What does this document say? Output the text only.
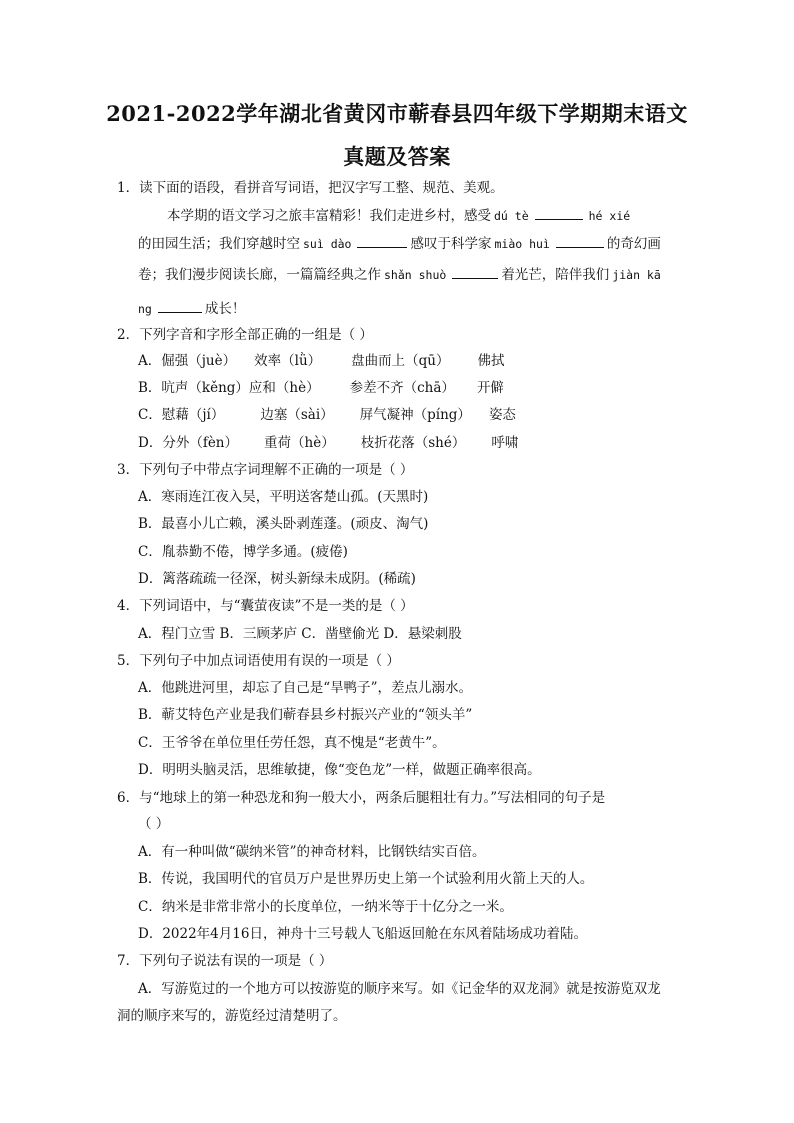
2021-2022学年湖北省黄冈市蕲春县四年级下学期期末语文
真题及答案
1．读下面的语段，看拼音写词语，把汉字写工整、规范、美观。
本学期的语文学习之旅丰富精彩！我们走进乡村，感受 dú tè	hé xié
的田园生活；我们穿越时空 suì dào	感叹于科学家 miào huì	的奇幻画
卷；我们漫步阅读长廊，一篇篇经典之作 shǎn shuò	着光芒，陪伴我们 jiàn kā
ng	成长！
2．下列字音和字形全部正确的一组是（ ）
A．倔强（juè） 效率（lǜ） 盘曲而上（qū） 佛拭
B．吭声（kěng）应和（hè） 参差不齐（chā） 开僻
C．慰藉（jí）	边塞（sài） 屏气凝神（píng） 姿态
D．分外（fèn） 重荷（hè） 枝折花落（shé） 呼啸
3．下列句子中带点字词理解不正确的一项是（ ）
A．寒雨连江夜入吴，平明送客楚山孤。(天黑时)
B．最喜小儿亡赖，溪头卧剥莲蓬。(顽皮、淘气)
C．胤恭勤不倦，博学多通。(疲倦)
D．篱落疏疏一径深，树头新绿未成阴。(稀疏)
4．下列词语中，与“囊萤夜读”不是一类的是（ ）
A．程门立雪 B．三顾茅庐 C．凿壁偷光 D．悬梁刺股
5．下列句子中加点词语使用有误的一项是（ ）
A．他跳进河里，却忘了自己是“旱鸭子”，差点儿溺水。
B．蕲艾特色产业是我们蕲春县乡村振兴产业的“领头羊”
C．王爷爷在单位里任劳任怨，真不愧是“老黄牛”。
D．明明头脑灵活，思维敏捷，像“变色龙”一样，做题正确率很高。
6．与“地球上的第一种恐龙和狗一般大小，两条后腿粗壮有力。”写法相同的句子是
（ ）
A．有一种叫做“碳纳米管”的神奇材料，比钢铁结实百倍。
B．传说，我国明代的官员万户是世界历史上第一个试验利用火箭上天的人。
C．纳米是非常非常小的长度单位，一纳米等于十亿分之一米。
D．2022年4月16日，神舟十三号载人飞船返回舱在东风着陆场成功着陆。
7．下列句子说法有误的一项是（ ）
A．写游览过的一个地方可以按游览的顺序来写。如《记金华的双龙洞》就是按游览双龙
洞的顺序来写的，游览经过清楚明了。
